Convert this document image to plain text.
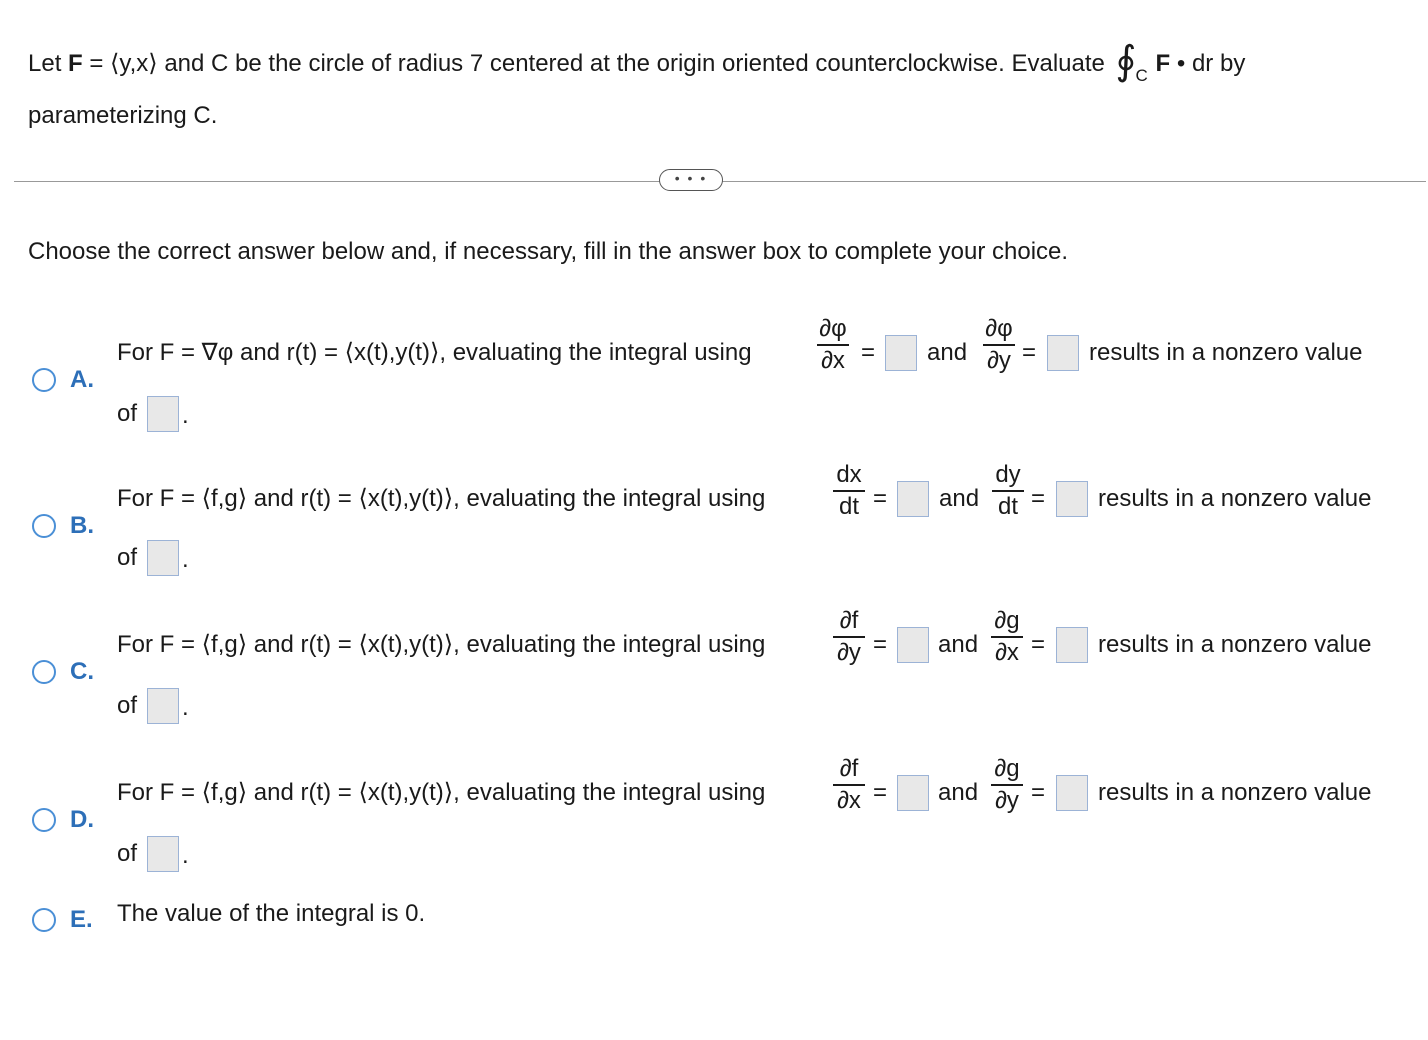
Let F = ⟨y,x⟩ and C be the circle of radius 7 centered at the origin oriented counterclockwise. Evaluate ∮ C F • dr by
parameterizing C.
• • •
Choose the correct answer below and, if necessary, fill in the answer box to complete your choice.
A.
For F = ∇φ and r(t) = ⟨x(t),y(t)⟩, evaluating the integral using
∂φ
∂x = and
∂φ
∂y = results in a nonzero value
of .
B.
For F = ⟨f,g⟩ and r(t) = ⟨x(t),y(t)⟩, evaluating the integral using
dx
dt = and
dy
dt = results in a nonzero value
of .
C.
For F = ⟨f,g⟩ and r(t) = ⟨x(t),y(t)⟩, evaluating the integral using
∂f
∂y = and
∂g
∂x = results in a nonzero value
of .
D.
For F = ⟨f,g⟩ and r(t) = ⟨x(t),y(t)⟩, evaluating the integral using
∂f
∂x = and
∂g
∂y = results in a nonzero value
of .
E. The value of the integral is 0.
